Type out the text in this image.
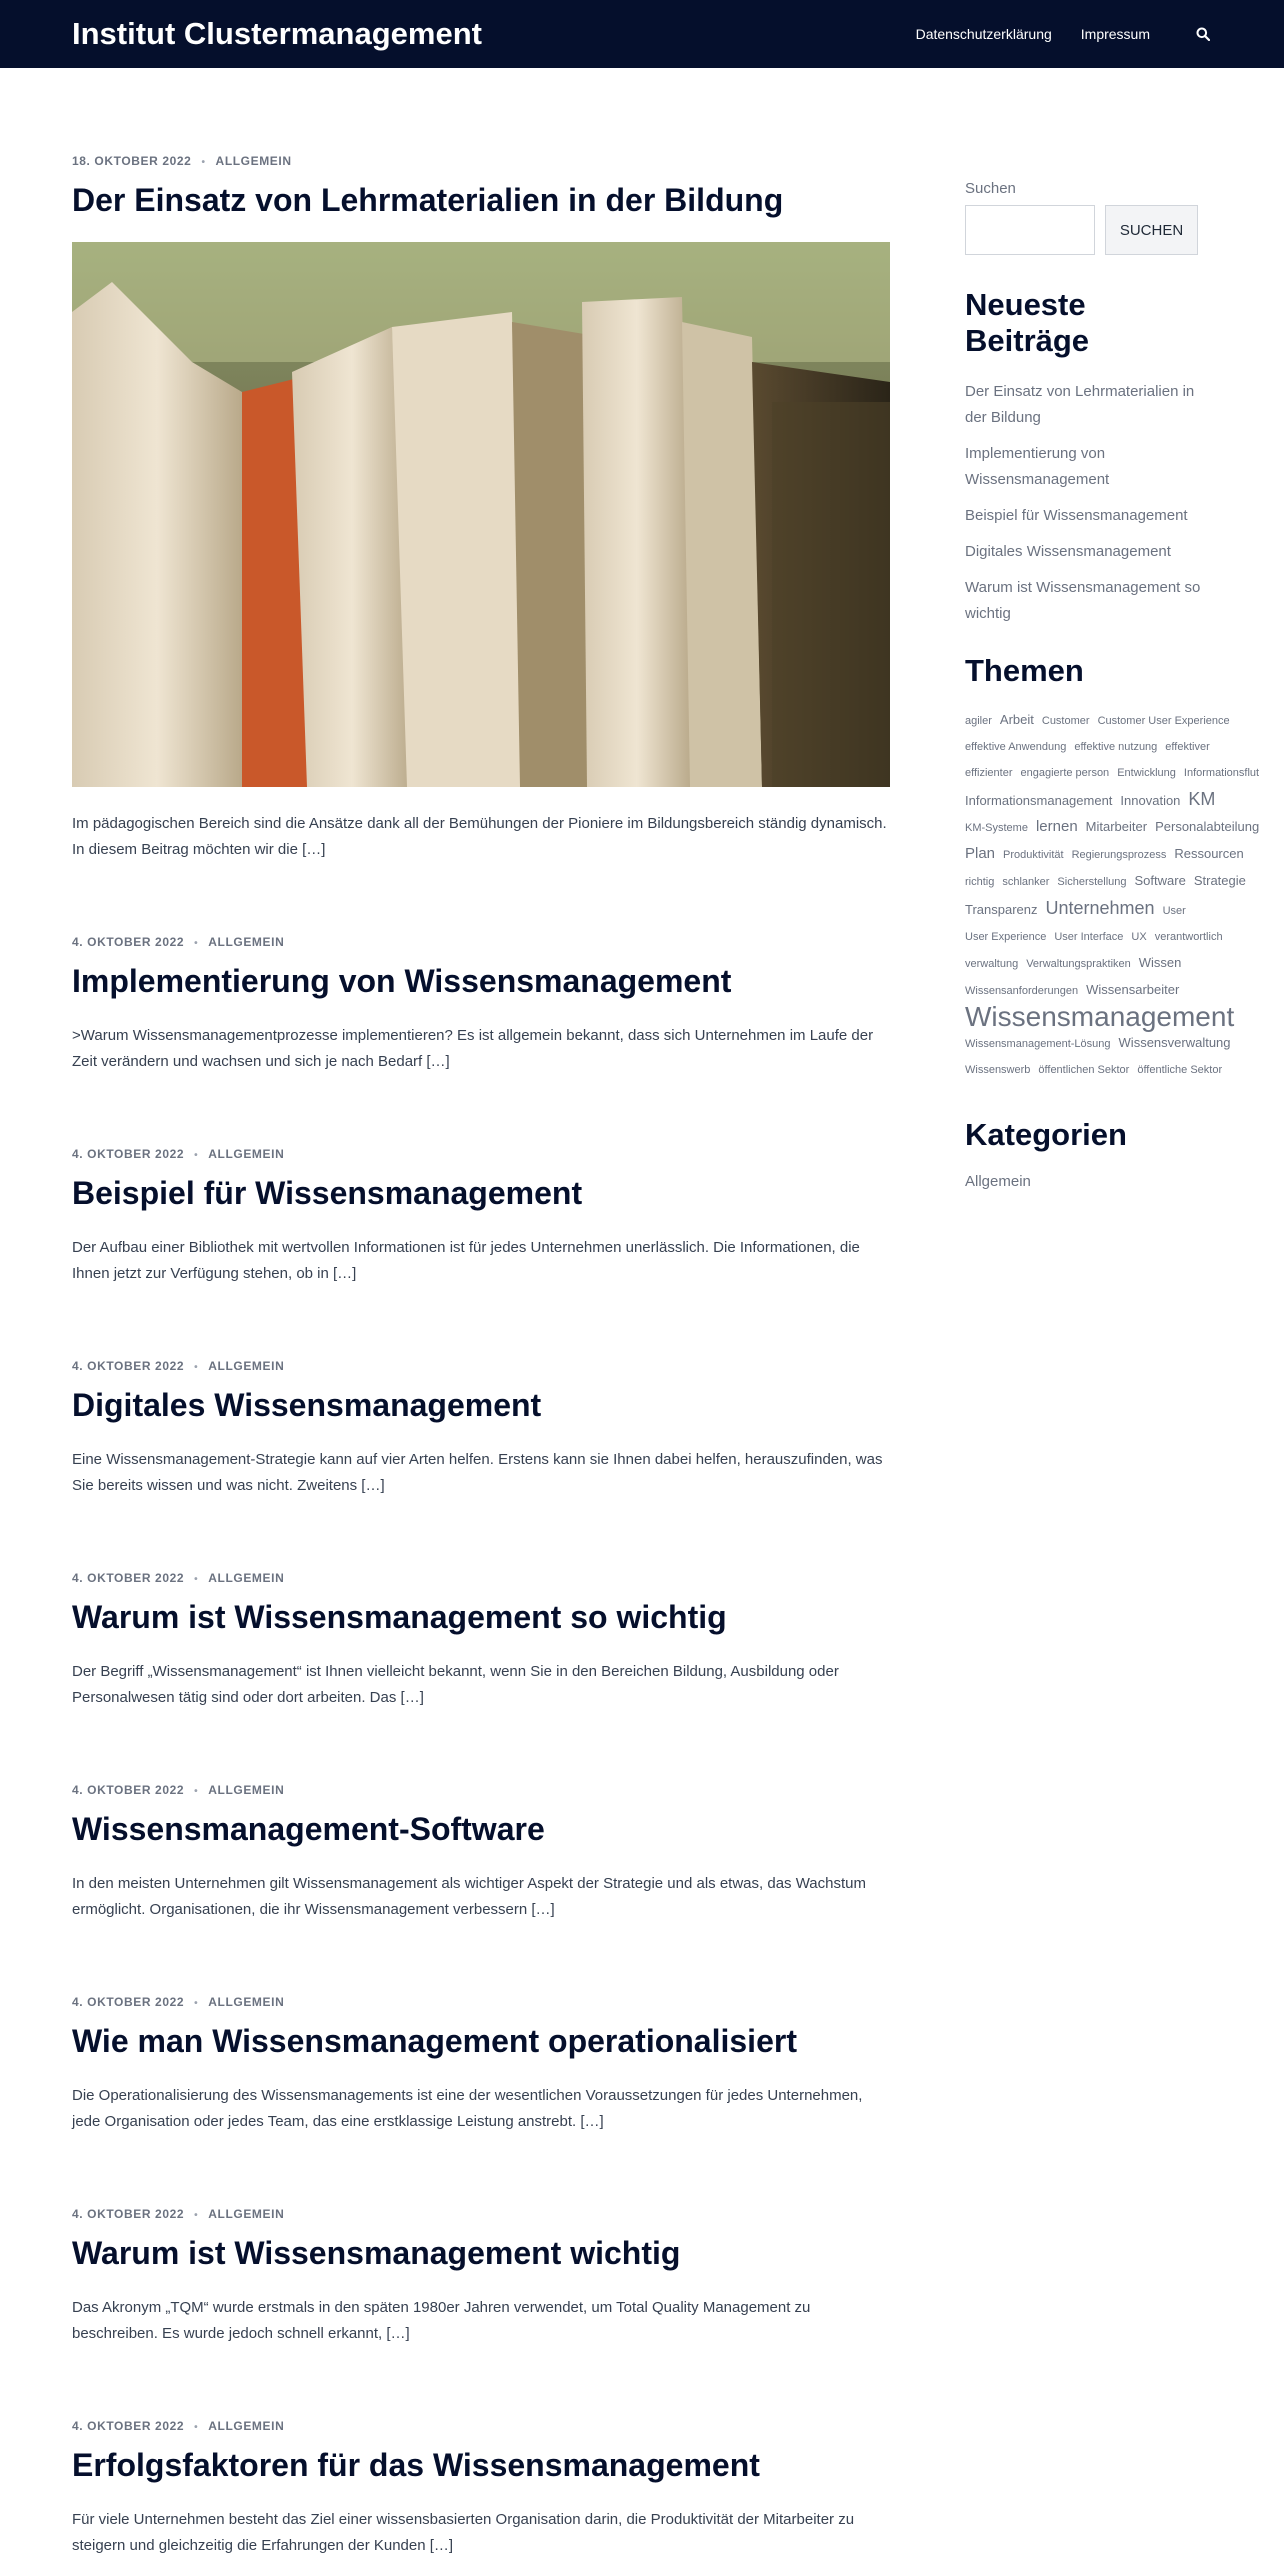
Institut Clustermanagement	Datenschutzerklärung Impressum
18. OKTOBER 2022 • ALLGEMEIN
Der Einsatz von Lehrmaterialien in der Bildung
Im pädagogischen Bereich sind die Ansätze dank all der Bemühungen der Pioniere im Bildungsbereich ständig dynamisch. In diesem Beitrag möchten wir die […]
4. OKTOBER 2022 • ALLGEMEIN
Implementierung von Wissensmanagement
>Warum Wissensmanagementprozesse implementieren? Es ist allgemein bekannt, dass sich Unternehmen im Laufe der Zeit verändern und wachsen und sich je nach Bedarf […]
4. OKTOBER 2022 • ALLGEMEIN
Beispiel für Wissensmanagement
Der Aufbau einer Bibliothek mit wertvollen Informationen ist für jedes Unternehmen unerlässlich. Die Informationen, die Ihnen jetzt zur Verfügung stehen, ob in […]
4. OKTOBER 2022 • ALLGEMEIN
Digitales Wissensmanagement
Eine Wissensmanagement-Strategie kann auf vier Arten helfen. Erstens kann sie Ihnen dabei helfen, herauszufinden, was Sie bereits wissen und was nicht. Zweitens […]
4. OKTOBER 2022 • ALLGEMEIN
Warum ist Wissensmanagement so wichtig
Der Begriff „Wissensmanagement“ ist Ihnen vielleicht bekannt, wenn Sie in den Bereichen Bildung, Ausbildung oder Personalwesen tätig sind oder dort arbeiten. Das […]
4. OKTOBER 2022 • ALLGEMEIN
Wissensmanagement-Software
In den meisten Unternehmen gilt Wissensmanagement als wichtiger Aspekt der Strategie und als etwas, das Wachstum ermöglicht. Organisationen, die ihr Wissensmanagement verbessern […]
4. OKTOBER 2022 • ALLGEMEIN
Wie man Wissensmanagement operationalisiert
Die Operationalisierung des Wissensmanagements ist eine der wesentlichen Voraussetzungen für jedes Unternehmen, jede Organisation oder jedes Team, das eine erstklassige Leistung anstrebt. […]
4. OKTOBER 2022 • ALLGEMEIN
Warum ist Wissensmanagement wichtig
Das Akronym „TQM“ wurde erstmals in den späten 1980er Jahren verwendet, um Total Quality Management zu beschreiben. Es wurde jedoch schnell erkannt, […]
4. OKTOBER 2022 • ALLGEMEIN
Erfolgsfaktoren für das Wissensmanagement
Für viele Unternehmen besteht das Ziel einer wissensbasierten Organisation darin, die Produktivität der Mitarbeiter zu steigern und gleichzeitig die Erfahrungen der Kunden […]
Suchen
SUCHEN
Neueste Beiträge
Der Einsatz von Lehrmaterialien in der Bildung
Implementierung von Wissensmanagement
Beispiel für Wissensmanagement
Digitales Wissensmanagement
Warum ist Wissensmanagement so wichtig
Themen
agiler Arbeit Customer Customer User Experience
effektive Anwendung effektive nutzung effektiver
effizienter engagierte person Entwicklung Informationsflut
Informationsmanagement Innovation KM
KM-Systeme lernen Mitarbeiter Personalabteilung
Plan Produktivität Regierungsprozess Ressourcen
richtig schlanker Sicherstellung Software Strategie
Transparenz Unternehmen User
User Experience User Interface UX verantwortlich
verwaltung Verwaltungspraktiken Wissen
Wissensanforderungen Wissensarbeiter
Wissensmanagement
Wissensmanagement-Lösung Wissensverwaltung
Wissenswerb öffentlichen Sektor öffentliche Sektor
Kategorien
Allgemein
